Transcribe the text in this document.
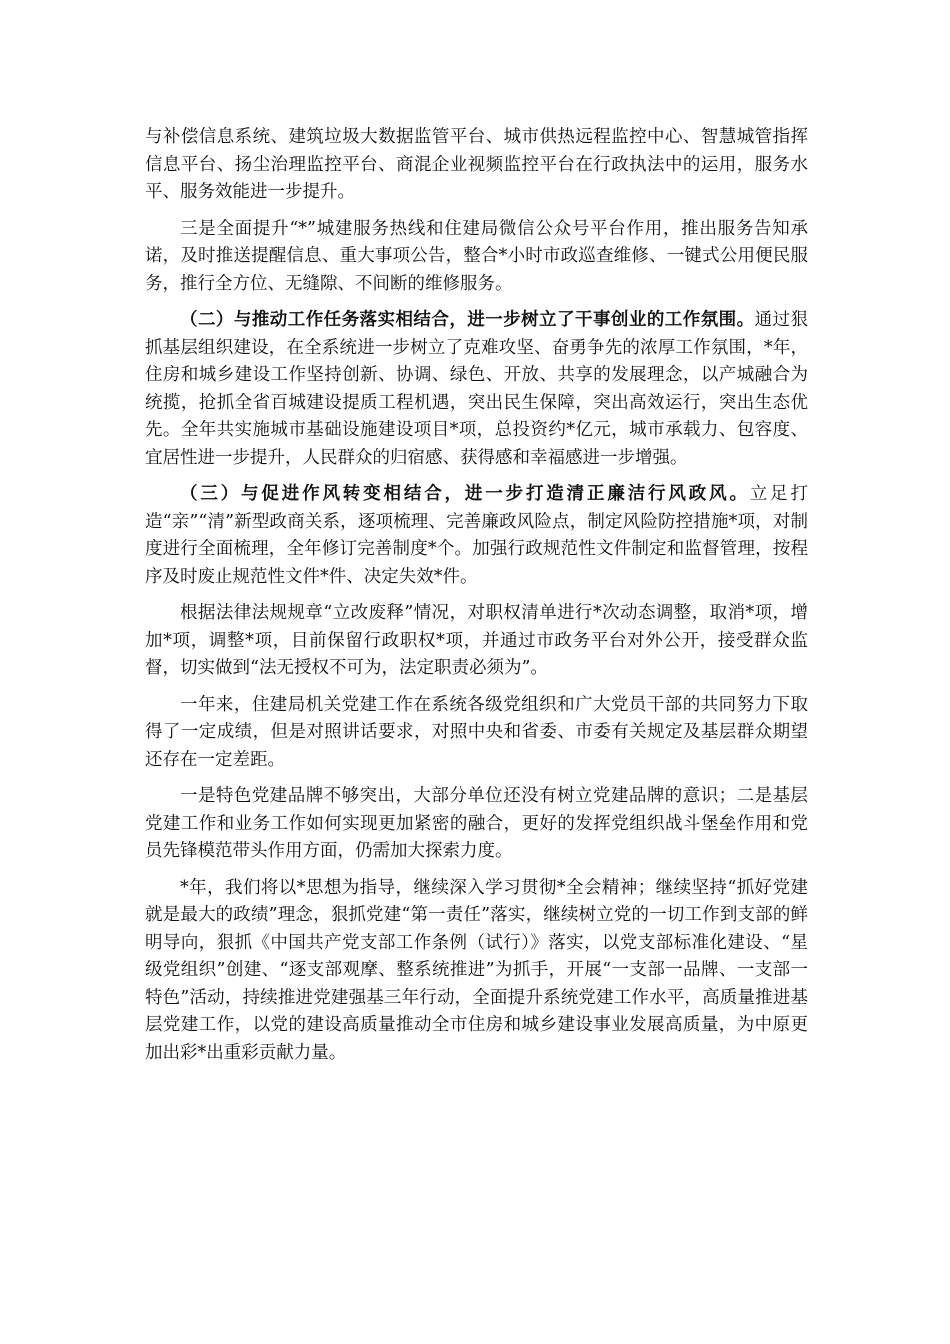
与补偿信息系统、建筑垃圾大数据监管平台、城市供热远程监控中心、智慧城管指挥信息平台、扬尘治理监控平台、商混企业视频监控平台在行政执法中的运用，服务水平、服务效能进一步提升。

三是全面提升“*”城建服务热线和住建局微信公众号平台作用，推出服务告知承诺，及时推送提醒信息、重大事项公告，整合*小时市政巡查维修、一键式公用便民服务，推行全方位、无缝隙、不间断的维修服务。

（二）与推动工作任务落实相结合，进一步树立了干事创业的工作氛围。通过狠抓基层组织建设，在全系统进一步树立了克难攻坚、奋勇争先的浓厚工作氛围，*年，住房和城乡建设工作坚持创新、协调、绿色、开放、共享的发展理念，以产城融合为统揽，抢抓全省百城建设提质工程机遇，突出民生保障，突出高效运行，突出生态优先。全年共实施城市基础设施建设项目*项，总投资约*亿元，城市承载力、包容度、宜居性进一步提升，人民群众的归宿感、获得感和幸福感进一步增强。

（三）与促进作风转变相结合，进一步打造清正廉洁行风政风。立足打造“亲”“清”新型政商关系，逐项梳理、完善廉政风险点，制定风险防控措施*项，对制度进行全面梳理，全年修订完善制度*个。加强行政规范性文件制定和监督管理，按程序及时废止规范性文件*件、决定失效*件。

根据法律法规规章“立改废释”情况，对职权清单进行*次动态调整，取消*项，增加*项，调整*项，目前保留行政职权*项，并通过市政务平台对外公开，接受群众监督，切实做到“法无授权不可为，法定职责必须为”。

一年来，住建局机关党建工作在系统各级党组织和广大党员干部的共同努力下取得了一定成绩，但是对照讲话要求，对照中央和省委、市委有关规定及基层群众期望还存在一定差距。

一是特色党建品牌不够突出，大部分单位还没有树立党建品牌的意识；二是基层党建工作和业务工作如何实现更加紧密的融合，更好的发挥党组织战斗堡垒作用和党员先锋模范带头作用方面，仍需加大探索力度。

*年，我们将以*思想为指导，继续深入学习贯彻*全会精神；继续坚持“抓好党建就是最大的政绩”理念，狠抓党建“第一责任”落实，继续树立党的一切工作到支部的鲜明导向，狠抓《中国共产党支部工作条例（试行）》落实，以党支部标准化建设、“星级党组织”创建、“逐支部观摩、整系统推进”为抓手，开展“一支部一品牌、一支部一特色”活动，持续推进党建强基三年行动，全面提升系统党建工作水平，高质量推进基层党建工作，以党的建设高质量推动全市住房和城乡建设事业发展高质量，为中原更加出彩*出重彩贡献力量。
